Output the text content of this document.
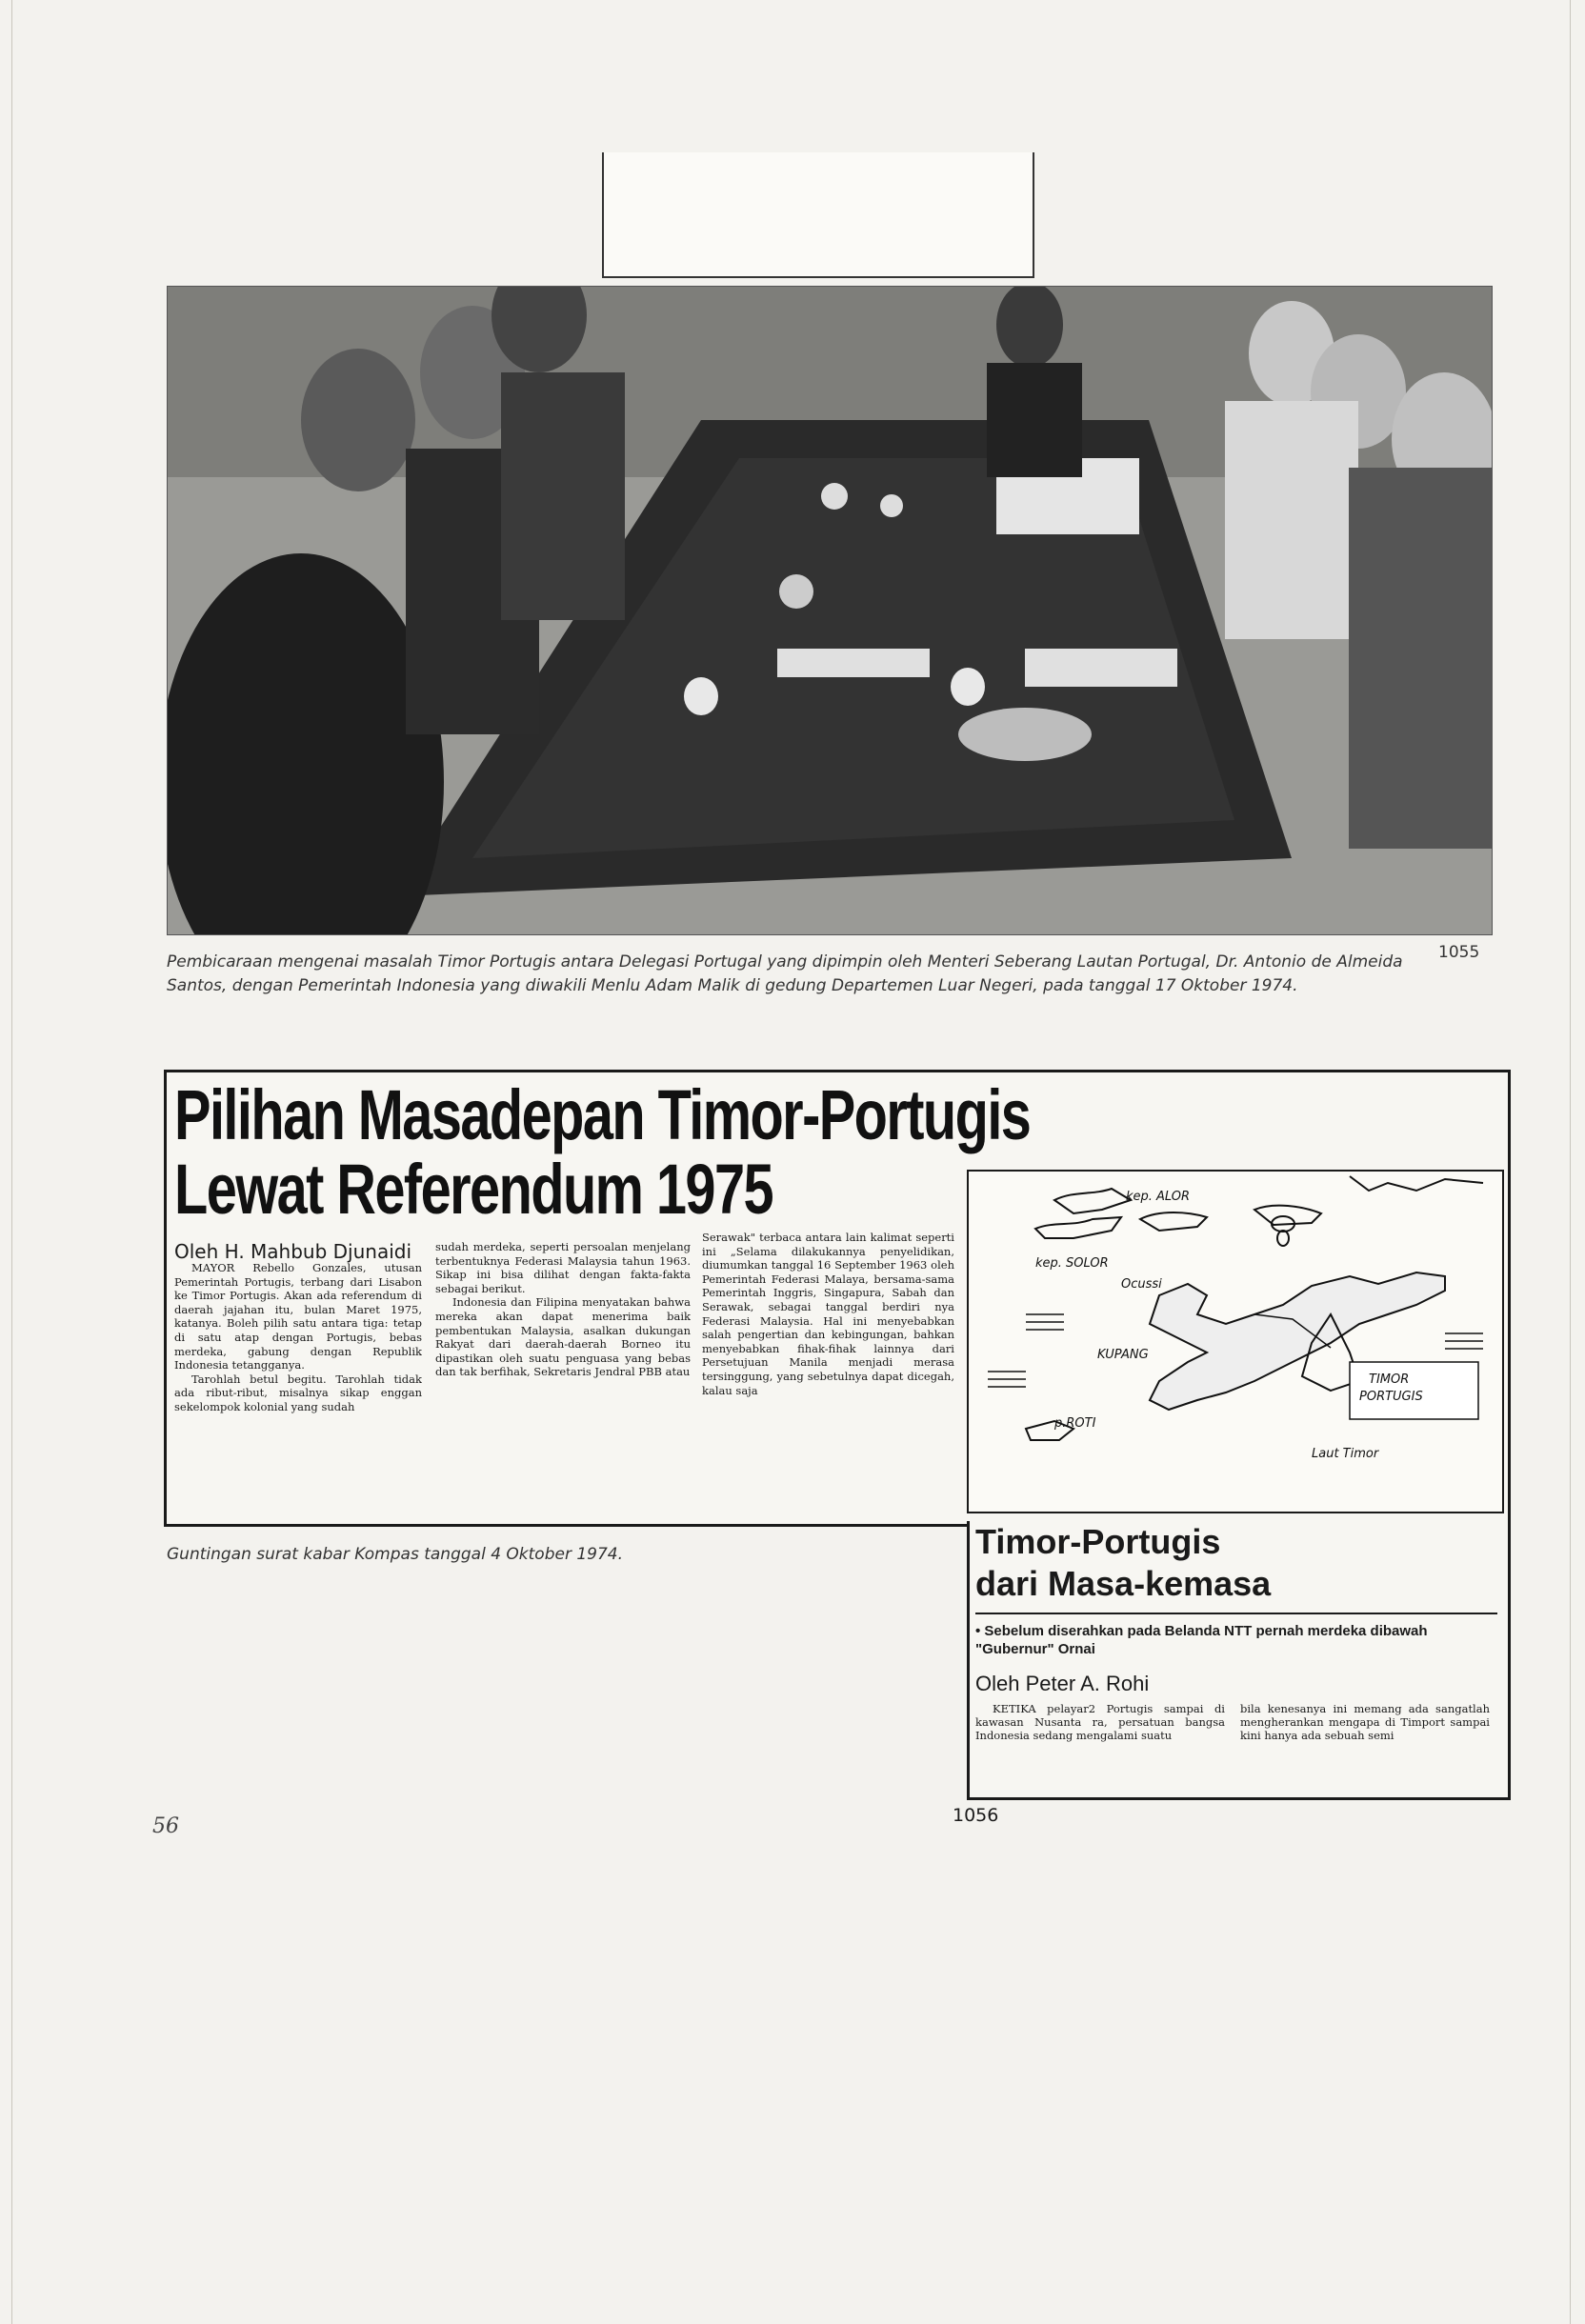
Pembicaraan mengenai masalah Timor Portugis antara Delegasi Portugal yang dipimpin oleh Menteri Seberang Lautan Portugal, Dr. Antonio de Almeida Santos, dengan Pemerintah Indonesia yang diwakili Menlu Adam Malik di gedung Departemen Luar Negeri, pada tanggal 17 Oktober 1974.
1055
Pilihan Masadepan Timor-Portugis
Lewat Referendum 1975
Oleh H. Mahbub Djunaidi

MAYOR Rebello Gonzales, utusan Pemerintah Portugis, terbang dari Lisabon ke Timor Portugis. Akan ada referendum di daerah jajahan itu, bulan Maret 1975, katanya. Boleh pilih satu antara tiga: tetap di satu atap dengan Portugis, bebas merdeka, gabung dengan Republik Indonesia tetangganya.

Tarohlah betul begitu. Tarohlah tidak ada ribut-ribut, misalnya sikap enggan sekelompok kolonial yang sudah

sudah merdeka, seperti persoalan menjelang terbentuknya Federasi Malaysia tahun 1963. Sikap ini bisa dilihat dengan fakta-fakta sebagai berikut.

Indonesia dan Filipina menyatakan bahwa mereka akan dapat menerima baik pembentukan Malaysia, asalkan dukungan Rakyat dari daerah-daerah Borneo itu dipastikan oleh suatu penguasa yang bebas dan tak berfihak, Sekretaris Jendral PBB atau

Serawak" terbaca antara lain kalimat seperti ini „Selama dilakukannya penyelidikan, diumumkan tanggal 16 September 1963 oleh Pemerintah Federasi Malaya, bersama-sama Pemerintah Inggris, Singapura, Sabah dan Serawak, sebagai tanggal berdiri nya Federasi Malaysia. Hal ini menyebabkan salah pengertian dan kebingungan, bahkan menyebabkan fihak-fihak lainnya dari Persetujuan Manila menjadi merasa tersinggung, yang sebetulnya dapat dicegah, kalau saja
kep. ALOR
kep. SOLOR
Ocussi
KUPANG
TIMOR
PORTUGIS
p.ROTI
Laut Timor
Guntingan surat kabar Kompas tanggal 4 Oktober 1974.	Timor-Portugis
dari Masa-kemasa
• Sebelum diserahkan pada Belanda NTT pernah merdeka dibawah "Gubernur" Ornai
Oleh Peter A. Rohi
KETIKA pelayar2 Portugis sampai di kawasan Nusanta ra, persatuan bangsa Indonesia sedang mengalami suatu
bila kenesanya ini memang ada sangatlah mengherankan mengapa di Timport sampai kini hanya ada sebuah semi
1056
56
